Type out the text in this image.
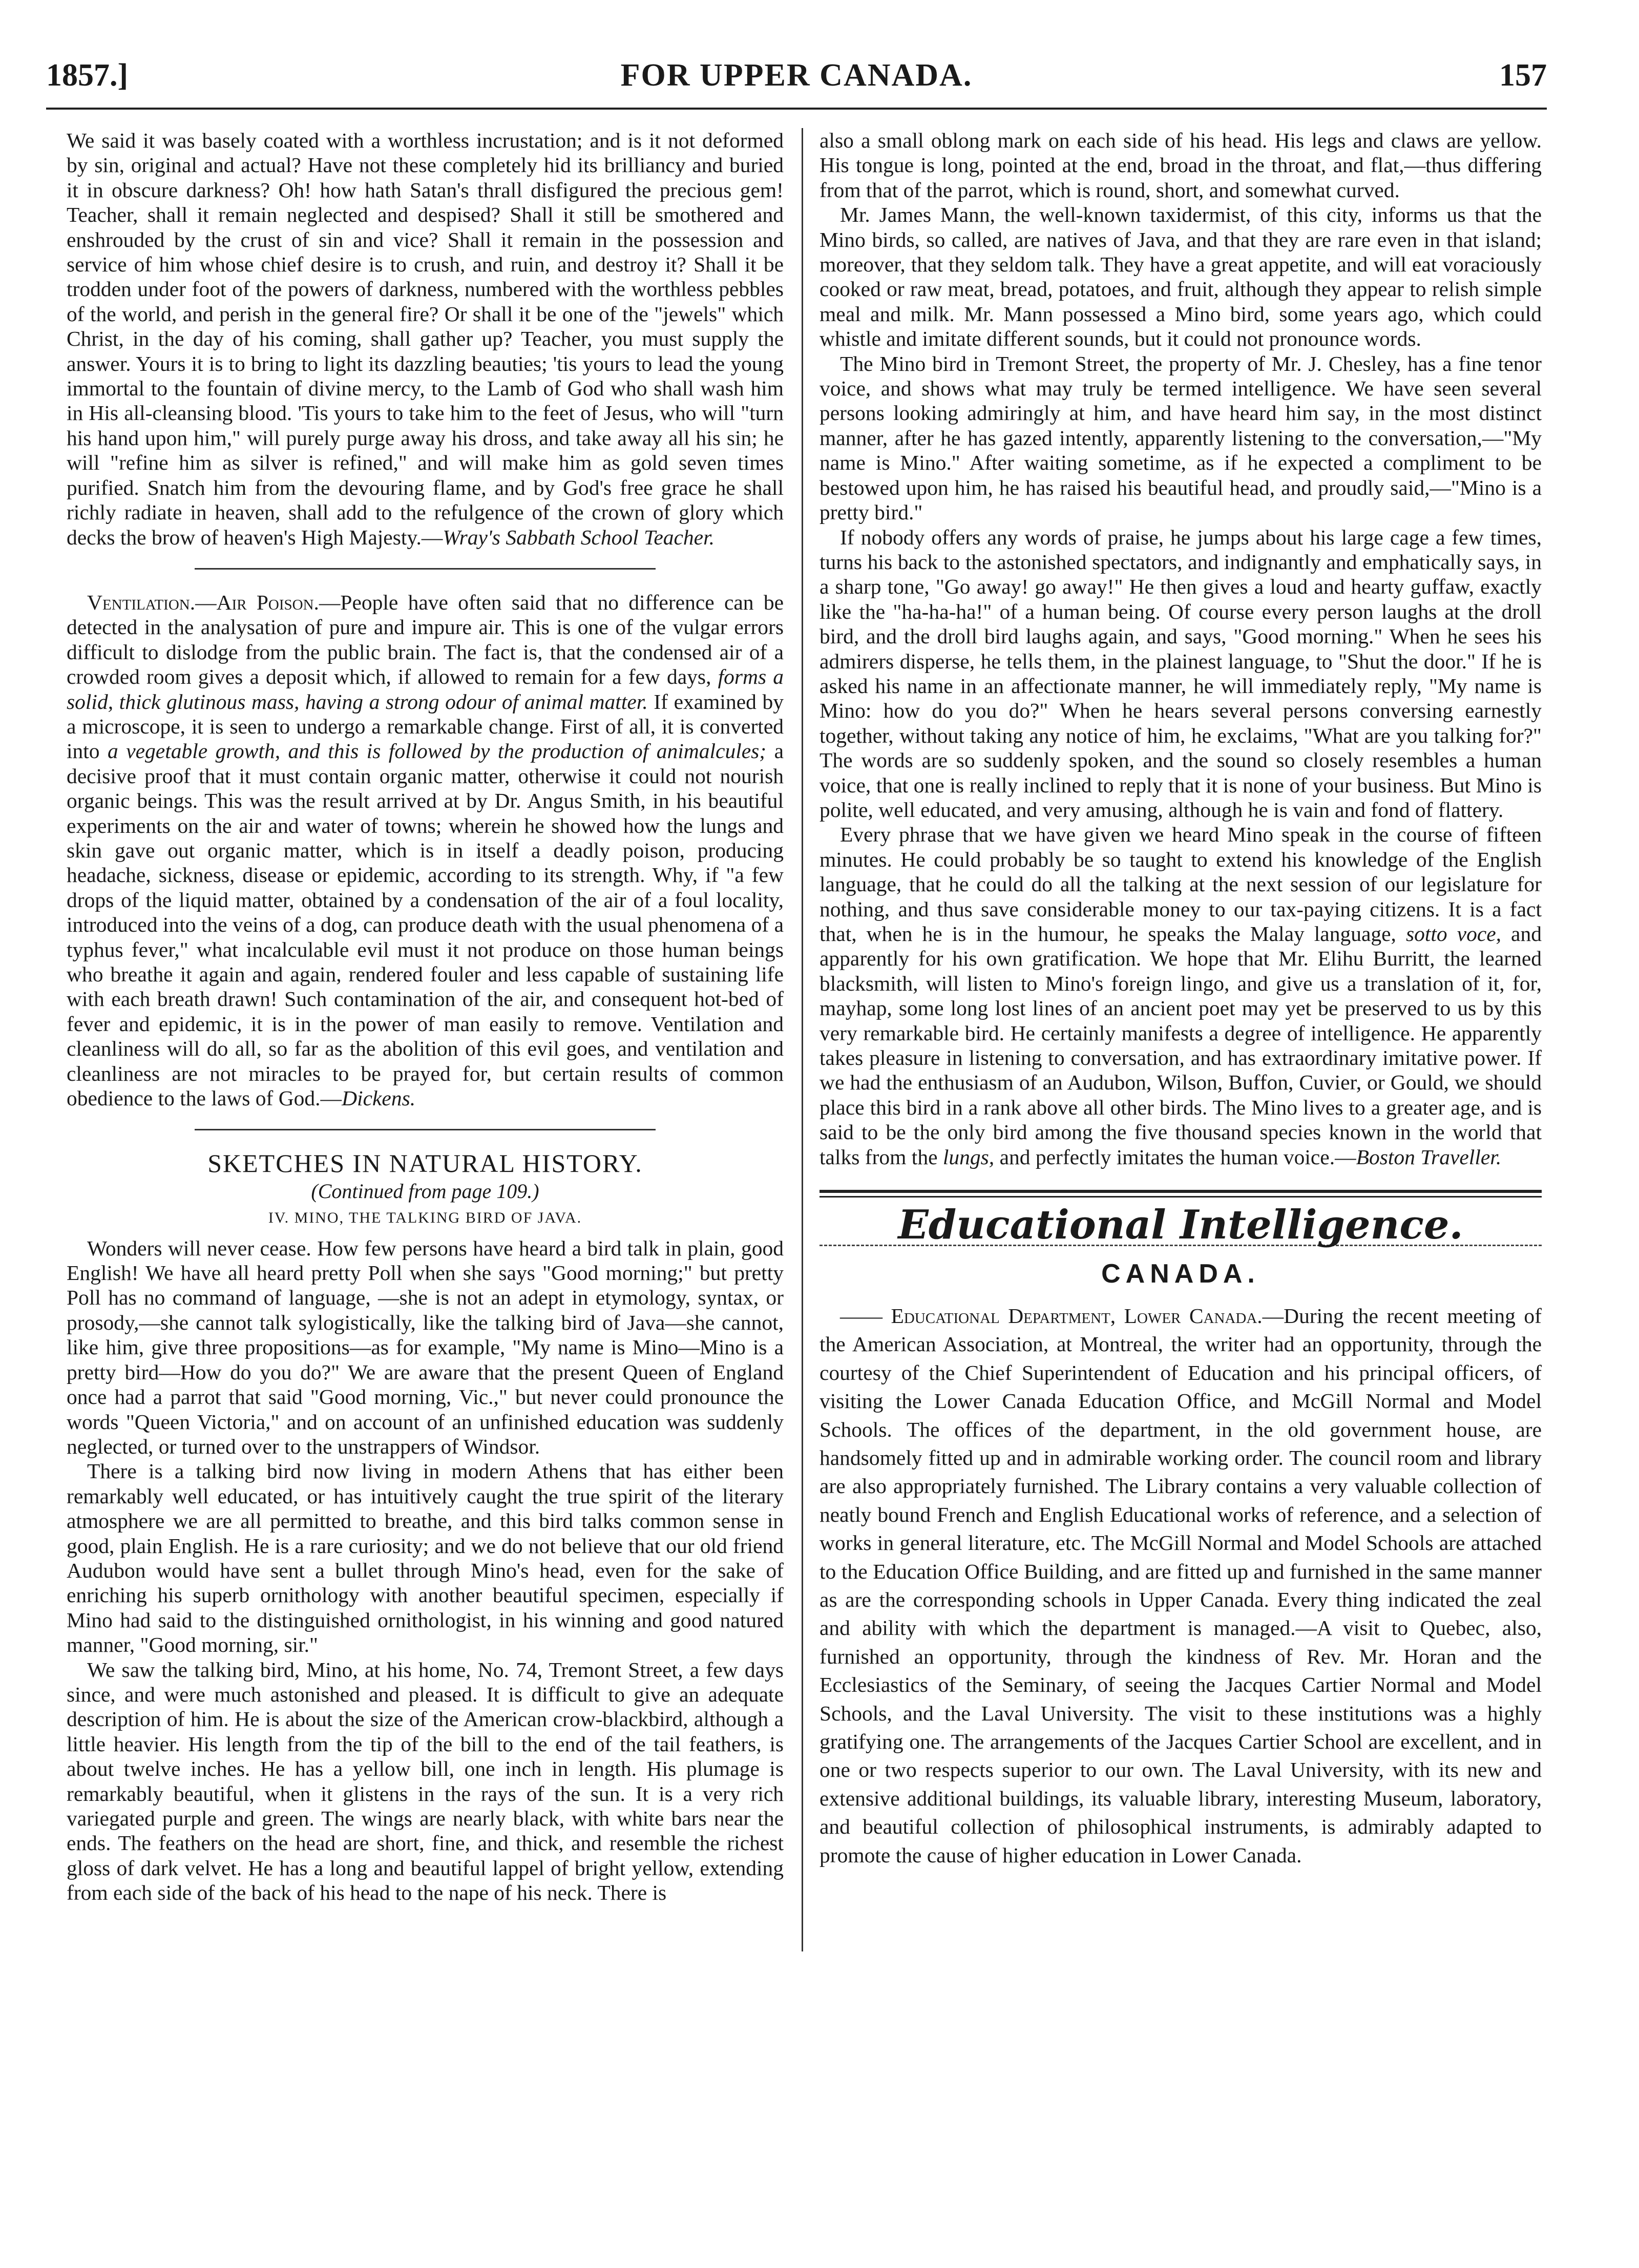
1857.]	FOR UPPER CANADA.	157

We said it was basely coated with a worthless incrustation; and is it not deformed by sin, original and actual? Have not these completely hid its brilliancy and buried it in obscure darkness? Oh! how hath Satan's thrall disfigured the precious gem! Teacher, shall it remain neglected and despised? Shall it still be smothered and enshrouded by the crust of sin and vice? Shall it remain in the possession and service of him whose chief desire is to crush, and ruin, and destroy it? Shall it be trodden under foot of the powers of darkness, numbered with the worthless pebbles of the world, and perish in the general fire? Or shall it be one of the "jewels" which Christ, in the day of his coming, shall gather up? Teacher, you must supply the answer. Yours it is to bring to light its dazzling beauties; 'tis yours to lead the young immortal to the fountain of divine mercy, to the Lamb of God who shall wash him in His all-cleansing blood. 'Tis yours to take him to the feet of Jesus, who will "turn his hand upon him," will purely purge away his dross, and take away all his sin; he will "refine him as silver is refined," and will make him as gold seven times purified. Snatch him from the devouring flame, and by God's free grace he shall richly radiate in heaven, shall add to the refulgence of the crown of glory which decks the brow of heaven's High Majesty.—Wray's Sabbath School Teacher.

Ventilation.—Air Poison.—People have often said that no difference can be detected in the analysation of pure and impure air. This is one of the vulgar errors difficult to dislodge from the public brain. The fact is, that the condensed air of a crowded room gives a deposit which, if allowed to remain for a few days, forms a solid, thick glutinous mass, having a strong odour of animal matter. If examined by a microscope, it is seen to undergo a remarkable change. First of all, it is converted into a vegetable growth, and this is followed by the production of animalcules; a decisive proof that it must contain organic matter, otherwise it could not nourish organic beings. This was the result arrived at by Dr. Angus Smith, in his beautiful experiments on the air and water of towns; wherein he showed how the lungs and skin gave out organic matter, which is in itself a deadly poison, producing headache, sickness, disease or epidemic, according to its strength. Why, if "a few drops of the liquid matter, obtained by a condensation of the air of a foul locality, introduced into the veins of a dog, can produce death with the usual phenomena of a typhus fever," what incalculable evil must it not produce on those human beings who breathe it again and again, rendered fouler and less capable of sustaining life with each breath drawn! Such contamination of the air, and consequent hot-bed of fever and epidemic, it is in the power of man easily to remove. Ventilation and cleanliness will do all, so far as the abolition of this evil goes, and ventilation and cleanliness are not miracles to be prayed for, but certain results of common obedience to the laws of God.—Dickens.

SKETCHES IN NATURAL HISTORY.
(Continued from page 109.)
IV. MINO, THE TALKING BIRD OF JAVA.

Wonders will never cease. How few persons have heard a bird talk in plain, good English! We have all heard pretty Poll when she says "Good morning;" but pretty Poll has no command of language, —she is not an adept in etymology, syntax, or prosody,—she cannot talk sylogistically, like the talking bird of Java—she cannot, like him, give three propositions—as for example, "My name is Mino—Mino is a pretty bird—How do you do?" We are aware that the present Queen of England once had a parrot that said "Good morning, Vic.," but never could pronounce the words "Queen Victoria," and on account of an unfinished education was suddenly neglected, or turned over to the unstrappers of Windsor.

There is a talking bird now living in modern Athens that has either been remarkably well educated, or has intuitively caught the true spirit of the literary atmosphere we are all permitted to breathe, and this bird talks common sense in good, plain English. He is a rare curiosity; and we do not believe that our old friend Audubon would have sent a bullet through Mino's head, even for the sake of enriching his superb ornithology with another beautiful specimen, especially if Mino had said to the distinguished ornithologist, in his winning and good natured manner, "Good morning, sir."

We saw the talking bird, Mino, at his home, No. 74, Tremont Street, a few days since, and were much astonished and pleased. It is difficult to give an adequate description of him. He is about the size of the American crow-blackbird, although a little heavier. His length from the tip of the bill to the end of the tail feathers, is about twelve inches. He has a yellow bill, one inch in length. His plumage is remarkably beautiful, when it glistens in the rays of the sun. It is a very rich variegated purple and green. The wings are nearly black, with white bars near the ends. The feathers on the head are short, fine, and thick, and resemble the richest gloss of dark velvet. He has a long and beautiful lappel of bright yellow, extending from each side of the back of his head to the nape of his neck. There is

also a small oblong mark on each side of his head. His legs and claws are yellow. His tongue is long, pointed at the end, broad in the throat, and flat,—thus differing from that of the parrot, which is round, short, and somewhat curved.

Mr. James Mann, the well-known taxidermist, of this city, informs us that the Mino birds, so called, are natives of Java, and that they are rare even in that island; moreover, that they seldom talk. They have a great appetite, and will eat voraciously cooked or raw meat, bread, potatoes, and fruit, although they appear to relish simple meal and milk. Mr. Mann possessed a Mino bird, some years ago, which could whistle and imitate different sounds, but it could not pronounce words.

The Mino bird in Tremont Street, the property of Mr. J. Chesley, has a fine tenor voice, and shows what may truly be termed intelligence. We have seen several persons looking admiringly at him, and have heard him say, in the most distinct manner, after he has gazed intently, apparently listening to the conversation,—"My name is Mino." After waiting sometime, as if he expected a compliment to be bestowed upon him, he has raised his beautiful head, and proudly said,—"Mino is a pretty bird."

If nobody offers any words of praise, he jumps about his large cage a few times, turns his back to the astonished spectators, and indignantly and emphatically says, in a sharp tone, "Go away! go away!" He then gives a loud and hearty guffaw, exactly like the "ha-ha-ha!" of a human being. Of course every person laughs at the droll bird, and the droll bird laughs again, and says, "Good morning." When he sees his admirers disperse, he tells them, in the plainest language, to "Shut the door." If he is asked his name in an affectionate manner, he will immediately reply, "My name is Mino: how do you do?" When he hears several persons conversing earnestly together, without taking any notice of him, he exclaims, "What are you talking for?" The words are so suddenly spoken, and the sound so closely resembles a human voice, that one is really inclined to reply that it is none of your business. But Mino is polite, well educated, and very amusing, although he is vain and fond of flattery.

Every phrase that we have given we heard Mino speak in the course of fifteen minutes. He could probably be so taught to extend his knowledge of the English language, that he could do all the talking at the next session of our legislature for nothing, and thus save considerable money to our tax-paying citizens. It is a fact that, when he is in the humour, he speaks the Malay language, sotto voce, and apparently for his own gratification. We hope that Mr. Elihu Burritt, the learned blacksmith, will listen to Mino's foreign lingo, and give us a translation of it, for, mayhap, some long lost lines of an ancient poet may yet be preserved to us by this very remarkable bird. He certainly manifests a degree of intelligence. He apparently takes pleasure in listening to conversation, and has extraordinary imitative power. If we had the enthusiasm of an Audubon, Wilson, Buffon, Cuvier, or Gould, we should place this bird in a rank above all other birds. The Mino lives to a greater age, and is said to be the only bird among the five thousand species known in the world that talks from the lungs, and perfectly imitates the human voice.—Boston Traveller.

Educational Intelligence.
CANADA.

—— Educational Department, Lower Canada.—During the recent meeting of the American Association, at Montreal, the writer had an opportunity, through the courtesy of the Chief Superintendent of Education and his principal officers, of visiting the Lower Canada Education Office, and McGill Normal and Model Schools. The offices of the department, in the old government house, are handsomely fitted up and in admirable working order. The council room and library are also appropriately furnished. The Library contains a very valuable collection of neatly bound French and English Educational works of reference, and a selection of works in general literature, etc. The McGill Normal and Model Schools are attached to the Education Office Building, and are fitted up and furnished in the same manner as are the corresponding schools in Upper Canada. Every thing indicated the zeal and ability with which the department is managed.—A visit to Quebec, also, furnished an opportunity, through the kindness of Rev. Mr. Horan and the Ecclesiastics of the Seminary, of seeing the Jacques Cartier Normal and Model Schools, and the Laval University. The visit to these institutions was a highly gratifying one. The arrangements of the Jacques Cartier School are excellent, and in one or two respects superior to our own. The Laval University, with its new and extensive additional buildings, its valuable library, interesting Museum, laboratory, and beautiful collection of philosophical instruments, is admirably adapted to promote the cause of higher education in Lower Canada.
